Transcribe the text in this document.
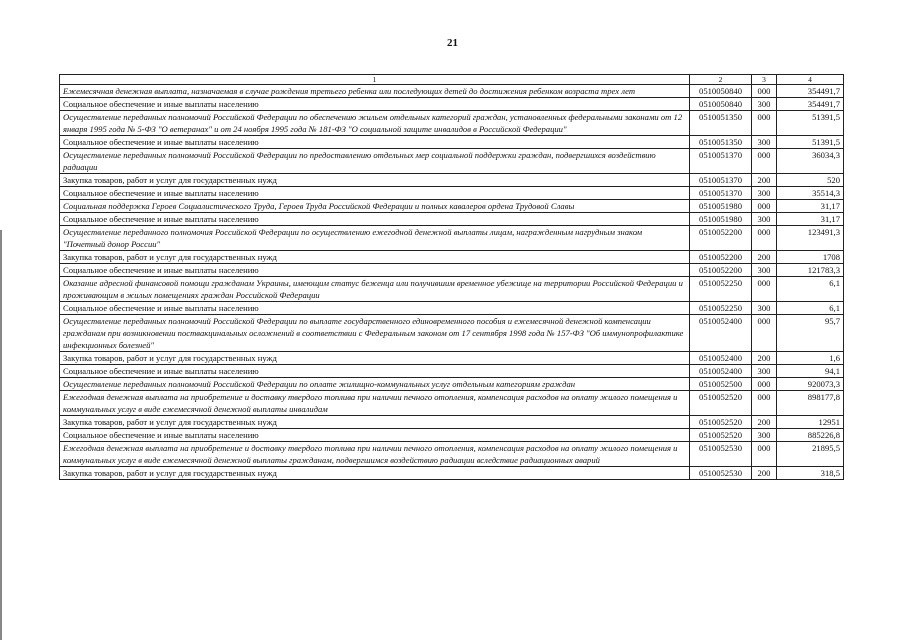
21
1	2	3	4
Ежемесячная денежная выплата, назначаемая в случае рождения третьего ребенка или последующих детей до достижения ребенком возраста трех лет	0510050840	000	354491,7
Социальное обеспечение и иные выплаты населению	0510050840	300	354491,7
Осуществление переданных полномочий Российской Федерации по обеспечению жильем отдельных категорий граждан, установленных федеральными законами от 12 января 1995 года № 5-ФЗ "О ветеранах" и от 24 ноября 1995 года № 181-ФЗ "О социальной защите инвалидов в Российской Федерации"	0510051350	000	51391,5
Социальное обеспечение и иные выплаты населению	0510051350	300	51391,5
Осуществление переданных полномочий Российской Федерации по предоставлению отдельных мер социальной поддержки граждан, подвергшихся воздействию радиации	0510051370	000	36034,3
Закупка товаров, работ и услуг для государственных нужд	0510051370	200	520
Социальное обеспечение и иные выплаты населению	0510051370	300	35514,3
Социальная поддержка Героев Социалистического Труда, Героев Труда Российской Федерации и полных кавалеров ордена Трудовой Славы	0510051980	000	31,17
Социальное обеспечение и иные выплаты населению	0510051980	300	31,17
Осуществление переданного полномочия Российской Федерации по осуществлению ежегодной денежной выплаты лицам, награжденным нагрудным знаком "Почетный донор России"	0510052200	000	123491,3
Закупка товаров, работ и услуг для государственных нужд	0510052200	200	1708
Социальное обеспечение и иные выплаты населению	0510052200	300	121783,3
Оказание адресной финансовой помощи гражданам Украины, имеющим статус беженца или получившим временное убежище на территории Российской Федерации и проживающим в жилых помещениях граждан Российской Федерации	0510052250	000	6,1
Социальное обеспечение и иные выплаты населению	0510052250	300	6,1
Осуществление переданных полномочий Российской Федерации по выплате государственного единовременного пособия и ежемесячной денежной компенсации гражданам при возникновении поствакцинальных осложнений в соответствии с Федеральным законом от 17 сентября 1998 года № 157-ФЗ "Об иммунопрофилактике инфекционных болезней"	0510052400	000	95,7
Закупка товаров, работ и услуг для государственных нужд	0510052400	200	1,6
Социальное обеспечение и иные выплаты населению	0510052400	300	94,1
Осуществление переданных полномочий Российской Федерации по оплате жилищно-коммунальных услуг отдельным категориям граждан	0510052500	000	920073,3
Ежегодная денежная выплата на приобретение и доставку твердого топлива при наличии печного отопления, компенсация расходов на оплату жилого помещения и коммунальных услуг в виде ежемесячной денежной выплаты инвалидам	0510052520	000	898177,8
Закупка товаров, работ и услуг для государственных нужд	0510052520	200	12951
Социальное обеспечение и иные выплаты населению	0510052520	300	885226,8
Ежегодная денежная выплата на приобретение и доставку твердого топлива при наличии печного отопления, компенсация расходов на оплату жилого помещения и коммунальных услуг в виде ежемесячной денежной выплаты гражданам, подвергшимся воздействию радиации вследствие радиационных аварий	0510052530	000	21895,5
Закупка товаров, работ и услуг для государственных нужд	0510052530	200	318,5
